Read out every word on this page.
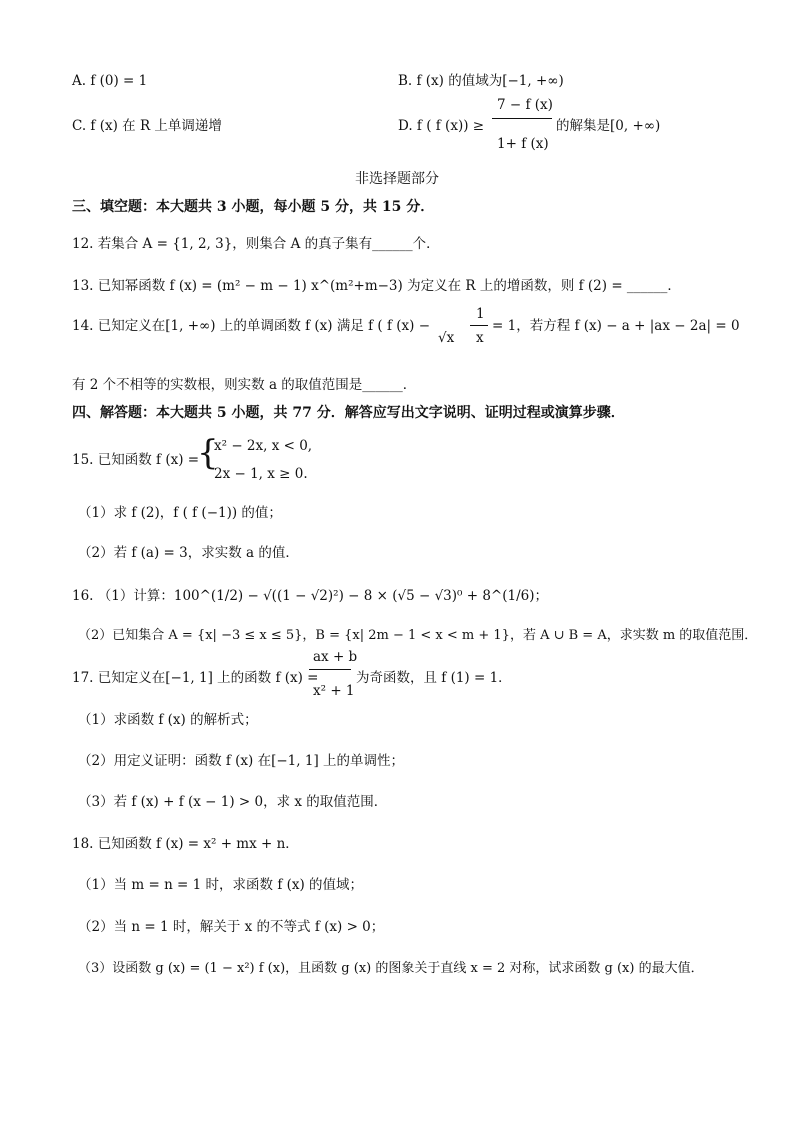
A. f (0) = 1	B. f (x) 的值域为[−1, +∞)
C. f (x) 在 R 上单调递增	D. f ( f (x)) ≥
7 − f (x)
1+ f (x)
的解集是[0, +∞)
非选择题部分
三、填空题：本大题共 3 小题，每小题 5 分，共 15 分．
12. 若集合 A = {1, 2, 3}，则集合 A 的真子集有______个．
13. 已知幂函数 f (x) = (m² − m − 1) x^(m²+m−3) 为定义在 R 上的增函数，则 f (2) = ______．
14. 已知定义在[1, +∞) 上的单调函数 f (x) 满足 f ( f (x) −
√x
1
x
= 1，若方程 f (x) − a + |ax − 2a| = 0
有 2 个不相等的实数根，则实数 a 的取值范围是______．
四、解答题：本大题共 5 小题，共 77 分．解答应写出文字说明、证明过程或演算步骤．
15. 已知函数 f (x) =
{
x² − 2x, x < 0,
2x − 1, x ≥ 0.
（1）求 f (2)，f ( f (−1)) 的值；
（2）若 f (a) = 3，求实数 a 的值．
16. （1）计算：100^(1/2) − √((1 − √2)²) − 8 × (√5 − √3)⁰ + 8^(1/6)；
（2）已知集合 A = {x| −3 ≤ x ≤ 5}，B = {x| 2m − 1 < x < m + 1}，若 A ∪ B = A，求实数 m 的取值范围．
17. 已知定义在[−1, 1] 上的函数 f (x) =
ax + b
x² + 1
为奇函数，且 f (1) = 1．
（1）求函数 f (x) 的解析式；
（2）用定义证明：函数 f (x) 在[−1, 1] 上的单调性；
（3）若 f (x) + f (x − 1) > 0，求 x 的取值范围．
18. 已知函数 f (x) = x² + mx + n．
（1）当 m = n = 1 时，求函数 f (x) 的值域；
（2）当 n = 1 时，解关于 x 的不等式 f (x) > 0；
（3）设函数 g (x) = (1 − x²) f (x)，且函数 g (x) 的图象关于直线 x = 2 对称，试求函数 g (x) 的最大值．
